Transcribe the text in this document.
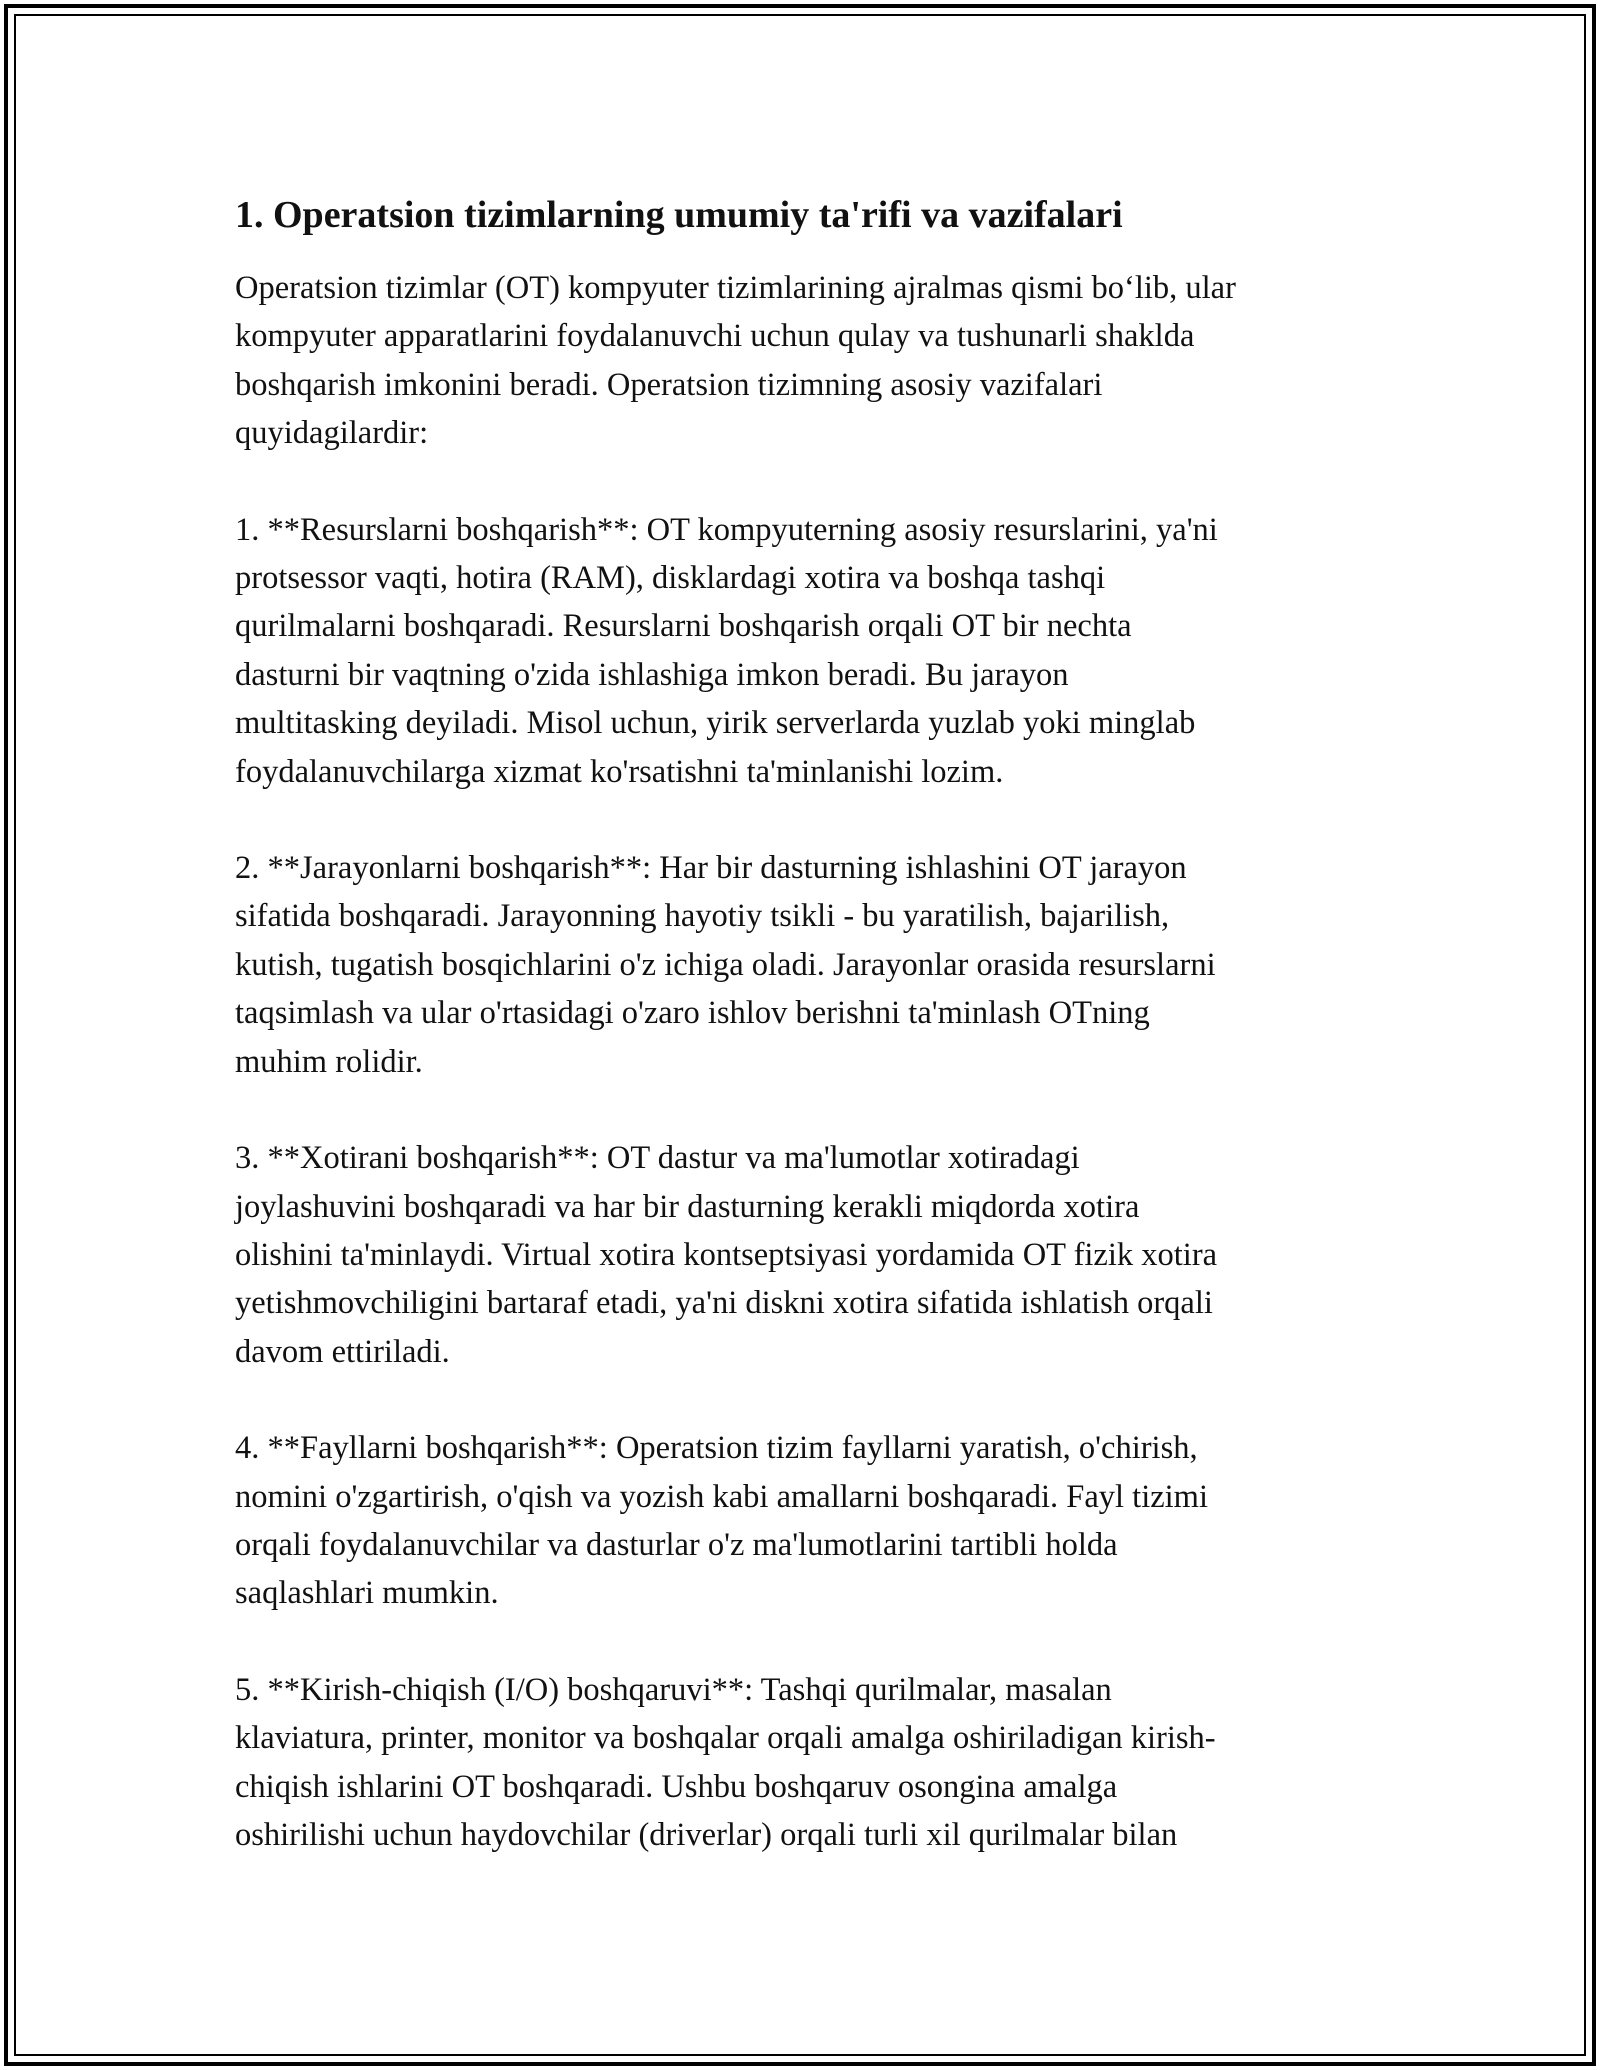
1. Operatsion tizimlarning umumiy ta'rifi va vazifalari

Operatsion tizimlar (OT) kompyuter tizimlarining ajralmas qismi bo‘lib, ular
kompyuter apparatlarini foydalanuvchi uchun qulay va tushunarli shaklda
boshqarish imkonini beradi. Operatsion tizimning asosiy vazifalari
quyidagilardir:

1. **Resurslarni boshqarish**: OT kompyuterning asosiy resurslarini, ya'ni
protsessor vaqti, hotira (RAM), disklardagi xotira va boshqa tashqi
qurilmalarni boshqaradi. Resurslarni boshqarish orqali OT bir nechta
dasturni bir vaqtning o'zida ishlashiga imkon beradi. Bu jarayon
multitasking deyiladi. Misol uchun, yirik serverlarda yuzlab yoki minglab
foydalanuvchilarga xizmat ko'rsatishni ta'minlanishi lozim.

2. **Jarayonlarni boshqarish**: Har bir dasturning ishlashini OT jarayon
sifatida boshqaradi. Jarayonning hayotiy tsikli - bu yaratilish, bajarilish,
kutish, tugatish bosqichlarini o'z ichiga oladi. Jarayonlar orasida resurslarni
taqsimlash va ular o'rtasidagi o'zaro ishlov berishni ta'minlash OTning
muhim rolidir.

3. **Xotirani boshqarish**: OT dastur va ma'lumotlar xotiradagi
joylashuvini boshqaradi va har bir dasturning kerakli miqdorda xotira
olishini ta'minlaydi. Virtual xotira kontseptsiyasi yordamida OT fizik xotira
yetishmovchiligini bartaraf etadi, ya'ni diskni xotira sifatida ishlatish orqali
davom ettiriladi.

4. **Fayllarni boshqarish**: Operatsion tizim fayllarni yaratish, o'chirish,
nomini o'zgartirish, o'qish va yozish kabi amallarni boshqaradi. Fayl tizimi
orqali foydalanuvchilar va dasturlar o'z ma'lumotlarini tartibli holda
saqlashlari mumkin.

5. **Kirish-chiqish (I/O) boshqaruvi**: Tashqi qurilmalar, masalan
klaviatura, printer, monitor va boshqalar orqali amalga oshiriladigan kirish-
chiqish ishlarini OT boshqaradi. Ushbu boshqaruv osongina amalga
oshirilishi uchun haydovchilar (driverlar) orqali turli xil qurilmalar bilan
